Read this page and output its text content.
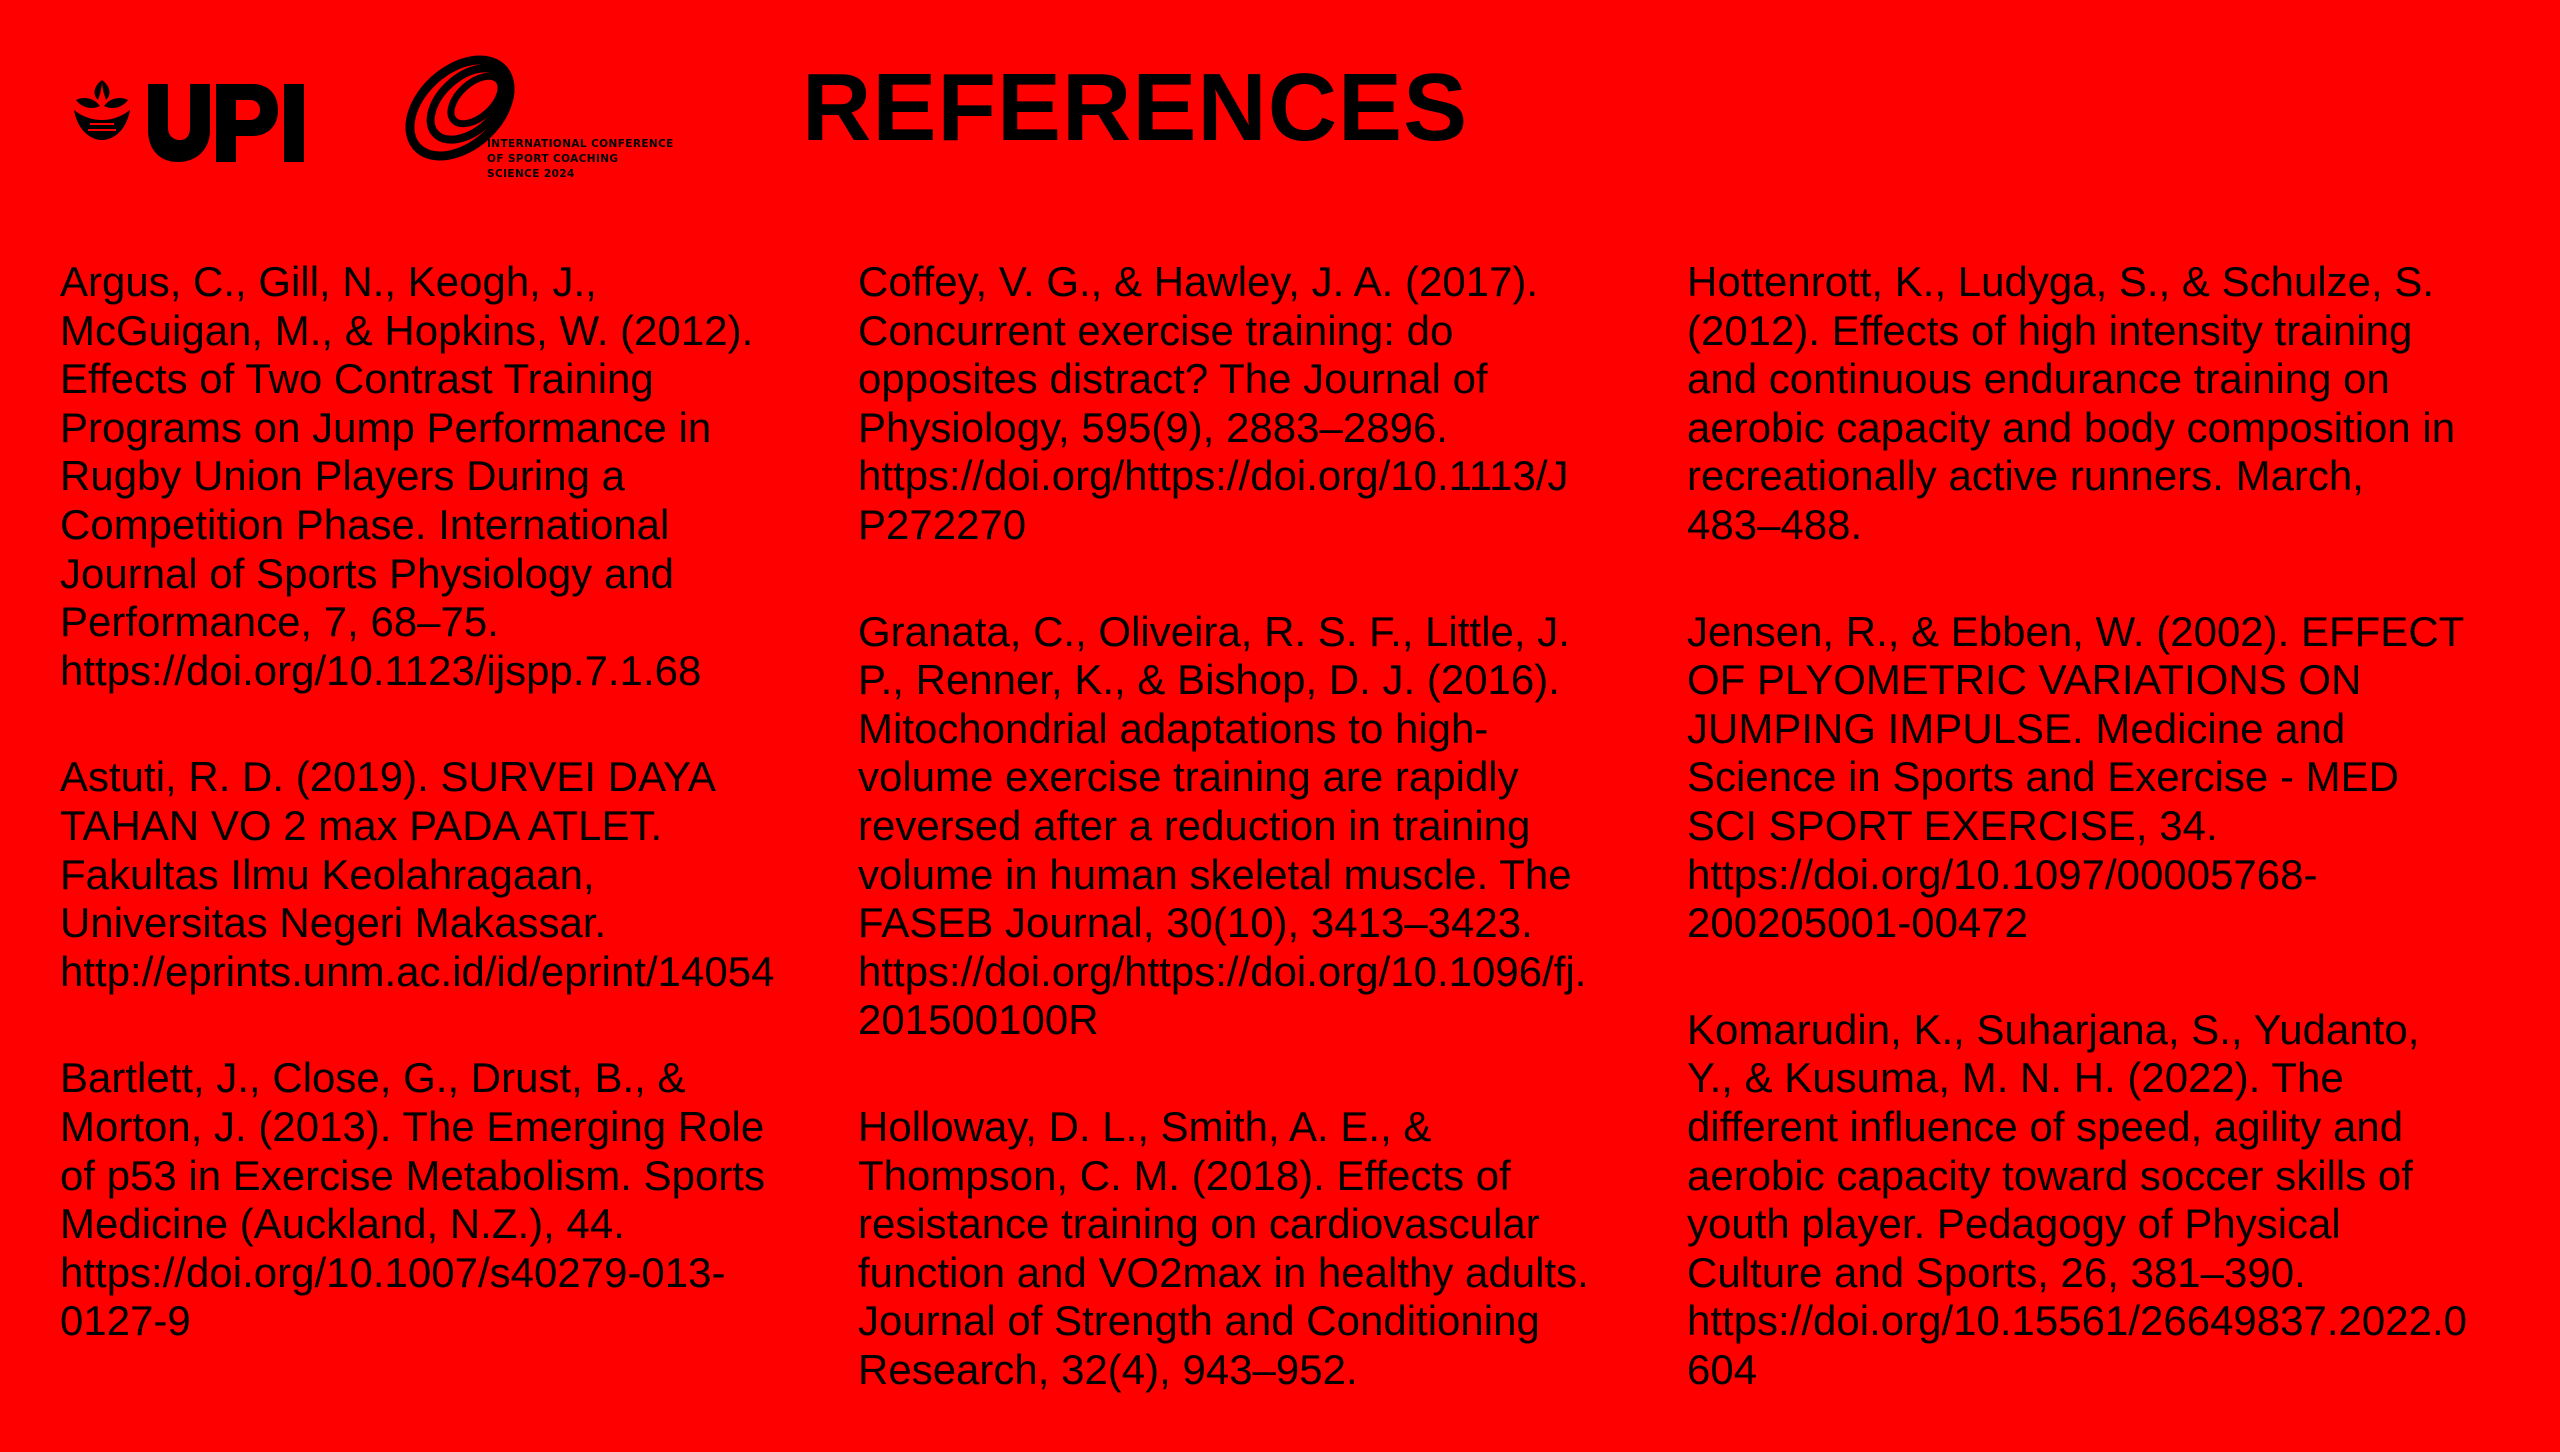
INTERNATIONAL CONFERENCE
OF SPORT COACHING
SCIENCE 2024
REFERENCES

Argus, C., Gill, N., Keogh, J.,
McGuigan, M., & Hopkins, W. (2012).
Effects of Two Contrast Training
Programs on Jump Performance in
Rugby Union Players During a
Competition Phase. International
Journal of Sports Physiology and
Performance, 7, 68–75.
https://doi.org/10.1123/ijspp.7.1.68

Astuti, R. D. (2019). SURVEI DAYA
TAHAN VO 2 max PADA ATLET.
Fakultas Ilmu Keolahragaan,
Universitas Negeri Makassar.
http://eprints.unm.ac.id/id/eprint/14054

Bartlett, J., Close, G., Drust, B., &
Morton, J. (2013). The Emerging Role
of p53 in Exercise Metabolism. Sports
Medicine (Auckland, N.Z.), 44.
https://doi.org/10.1007/s40279-013-
0127-9

Coffey, V. G., & Hawley, J. A. (2017).
Concurrent exercise training: do
opposites distract? The Journal of
Physiology, 595(9), 2883–2896.
https://doi.org/https://doi.org/10.1113/J
P272270

Granata, C., Oliveira, R. S. F., Little, J.
P., Renner, K., & Bishop, D. J. (2016).
Mitochondrial adaptations to high-
volume exercise training are rapidly
reversed after a reduction in training
volume in human skeletal muscle. The
FASEB Journal, 30(10), 3413–3423.
https://doi.org/https://doi.org/10.1096/fj.
201500100R

Holloway, D. L., Smith, A. E., &
Thompson, C. M. (2018). Effects of
resistance training on cardiovascular
function and VO2max in healthy adults.
Journal of Strength and Conditioning
Research, 32(4), 943–952.

Hottenrott, K., Ludyga, S., & Schulze, S.
(2012). Effects of high intensity training
and continuous endurance training on
aerobic capacity and body composition in
recreationally active runners. March,
483–488.

Jensen, R., & Ebben, W. (2002). EFFECT
OF PLYOMETRIC VARIATIONS ON
JUMPING IMPULSE. Medicine and
Science in Sports and Exercise - MED
SCI SPORT EXERCISE, 34.
https://doi.org/10.1097/00005768-
200205001-00472

Komarudin, K., Suharjana, S., Yudanto,
Y., & Kusuma, M. N. H. (2022). The
different influence of speed, agility and
aerobic capacity toward soccer skills of
youth player. Pedagogy of Physical
Culture and Sports, 26, 381–390.
https://doi.org/10.15561/26649837.2022.0
604
